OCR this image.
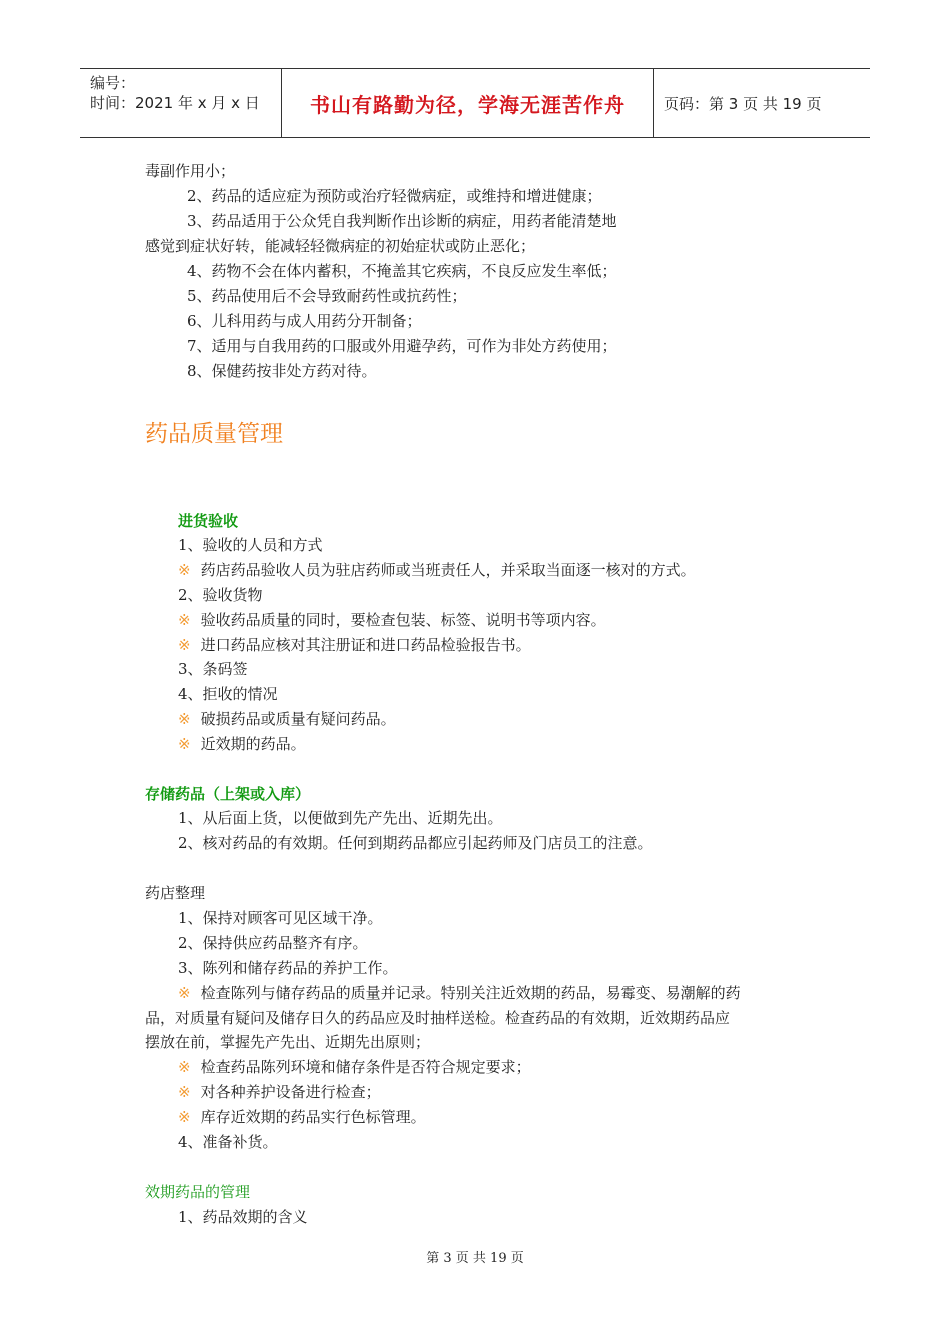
编号：
时间：2021 年 x 月 x 日	书山有路勤为径，学海无涯苦作舟	页码：第 3 页 共 19 页
毒副作用小；
2、药品的适应症为预防或治疗轻微病症，或维持和增进健康；
3、药品适用于公众凭自我判断作出诊断的病症，用药者能清楚地
感觉到症状好转，能减轻轻微病症的初始症状或防止恶化；
4、药物不会在体内蓄积，不掩盖其它疾病，不良反应发生率低；
5、药品使用后不会导致耐药性或抗药性；
6、儿科用药与成人用药分开制备；
7、适用与自我用药的口服或外用避孕药，可作为非处方药使用；
8、保健药按非处方药对待。
药品质量管理
进货验收
1、验收的人员和方式
※ 药店药品验收人员为驻店药师或当班责任人，并采取当面逐一核对的方式。
2、验收货物
※ 验收药品质量的同时，要检查包装、标签、说明书等项内容。
※ 进口药品应核对其注册证和进口药品检验报告书。
3、条码签
4、拒收的情况
※ 破损药品或质量有疑问药品。
※ 近效期的药品。
存储药品（上架或入库）
1、从后面上货，以便做到先产先出、近期先出。
2、核对药品的有效期。任何到期药品都应引起药师及门店员工的注意。
药店整理
1、保持对顾客可见区域干净。
2、保持供应药品整齐有序。
3、陈列和储存药品的养护工作。
※ 检查陈列与储存药品的质量并记录。特别关注近效期的药品，易霉变、易潮解的药
品，对质量有疑问及储存日久的药品应及时抽样送检。检查药品的有效期，近效期药品应
摆放在前，掌握先产先出、近期先出原则；
※ 检查药品陈列环境和储存条件是否符合规定要求；
※ 对各种养护设备进行检查；
※ 库存近效期的药品实行色标管理。
4、准备补货。
效期药品的管理
1、药品效期的含义
第 3 页 共 19 页
